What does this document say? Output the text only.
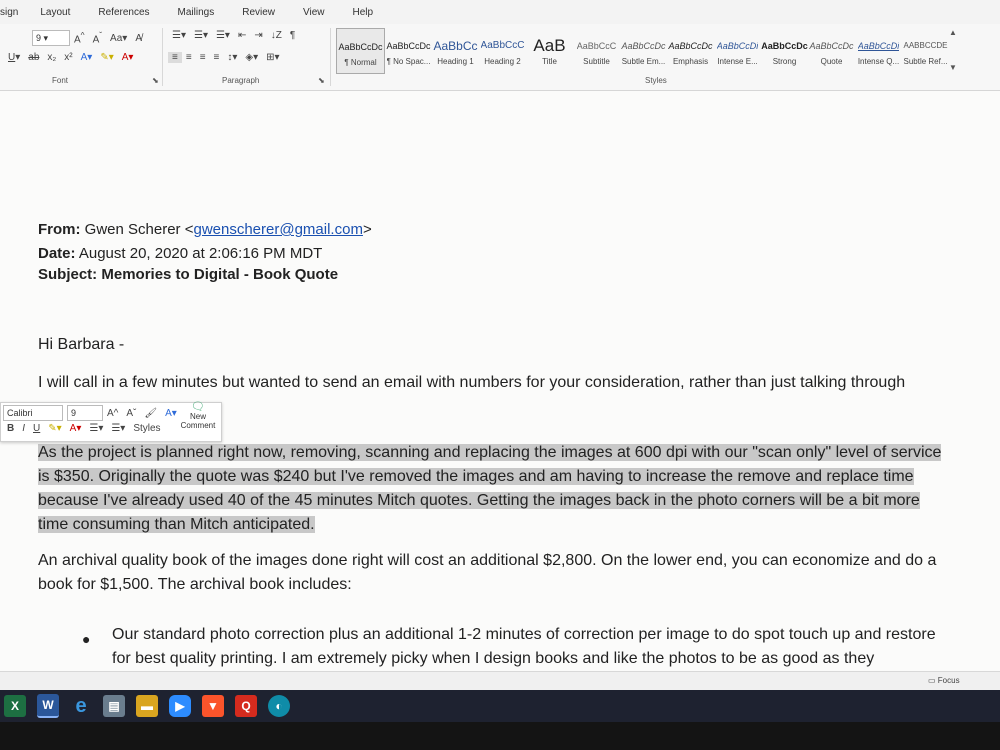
sign Layout	References	Mailings	Review	View	Help
9 ▾	A^ $A^ˇ$ Aa▾ A̸
U▾ ab x₂ x² A▾ ✎▾ A▾
Font
☰▾ ☰▾ ☰▾ ⇤ ⇥ ↓Z ¶
≡ ≡ ≡ ≡ ↕▾ ◈▾ ⊞▾
Paragraph
AaBbCcDc
¶ Normal
AaBbCcDc
¶ No Spac...
AaBbCc
Heading 1
AaBbCcC
Heading 2
AaB
Title
AaBbCcC
Subtitle
AaBbCcDc
Subtle Em...
AaBbCcDc
Emphasis
AaBbCcDi
Intense E...
AaBbCcDc
Strong
AaBbCcDc
Quote
AaBbCcDi
Intense Q...
AABBCCDE
Subtle Ref...
▲
▼
Styles
⬊	⬊
From: Gwen Scherer <gwenscherer@gmail.com>
Date: August 20, 2020 at 2:06:16 PM MDT
Subject: Memories to Digital - Book Quote
Hi Barbara -
I will call in a few minutes but wanted to send an email with numbers for your consideration, rather than just talking through
As the project is planned right now, removing, scanning and replacing the images at 600 dpi with our "scan only" level of service
is $350. Originally the quote was $240 but I've removed the images and am having to increase the remove and replace time
because I've already used 40 of the 45 minutes Mitch quotes. Getting the images back in the photo corners will be a bit more
time consuming than Mitch anticipated.
An archival quality book of the images done right will cost an additional $2,800. On the lower end, you can economize and do a
book for $1,500. The archival book includes:
● Our standard photo correction plus an additional 1-2 minutes of correction per image to do spot touch up and restore
for best quality printing. I am extremely picky when I design books and like the photos to be as good as they
Calibri	9	A^ Aˇ 🖌 A▾
B I U ✎▾ A▾ ☰▾ ☰▾ Styles
🗨
New Comment
▭ Focus
X	W e	▤	▬	▶	▼	Q	◐
